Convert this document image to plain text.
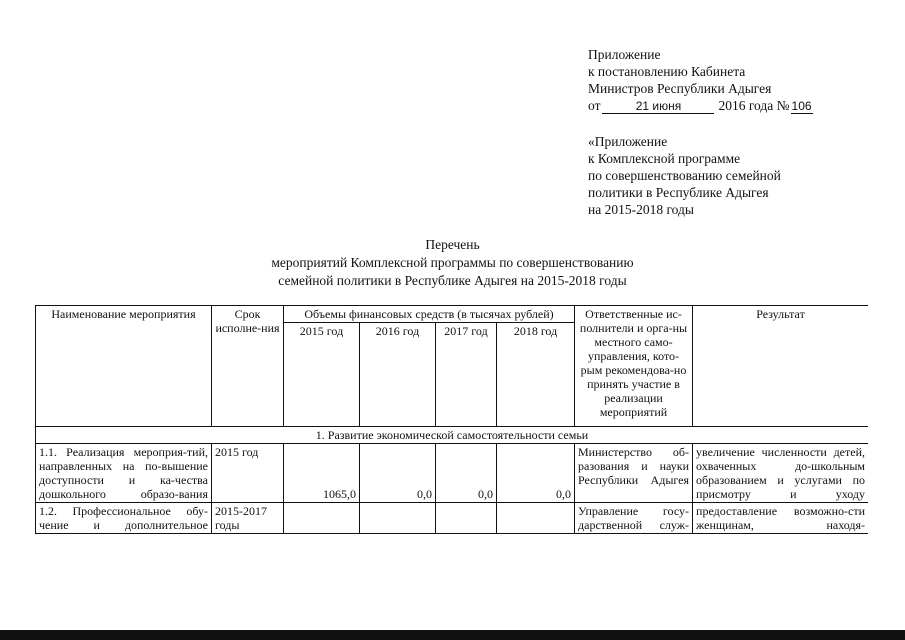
Приложение
к постановлению Кабинета
Министров Республики Адыгея
от	21 июня	2016 года № 106
«Приложение
к Комплексной программе
по совершенствованию семейной
политики в Республике Адыгея
на 2015-2018 годы
Перечень
мероприятий Комплексной программы по совершенствованию
семейной политики в Республике Адыгея на 2015-2018 годы
Наименование мероприятия	Срок исполне-ния	Объемы финансовых средств (в тысячах рублей)				Ответственные ис-полнители и орга-ны местного само-управления, кото-рым рекомендова-но принять участие в реализации мероприятий	Результат
		2015 год	2016 год	2017 год	2018 год		
1. Развитие экономической самостоятельности семьи							
1.1. Реализация мероприя-тий, направленных на по-вышение доступности и ка-чества дошкольного образо-вания	2015 год	1065,0	0,0	0,0	0,0	Министерство об-разования и науки Республики Адыгея	увеличение численности детей, охваченных до-школьным образованием и услугами по присмотру и уходу
1.2. Профессиональное обу-чение и дополнительное	2015-2017 годы					Управление госу-дарственной служ-	предоставление возможно-сти женщинам, находя-
